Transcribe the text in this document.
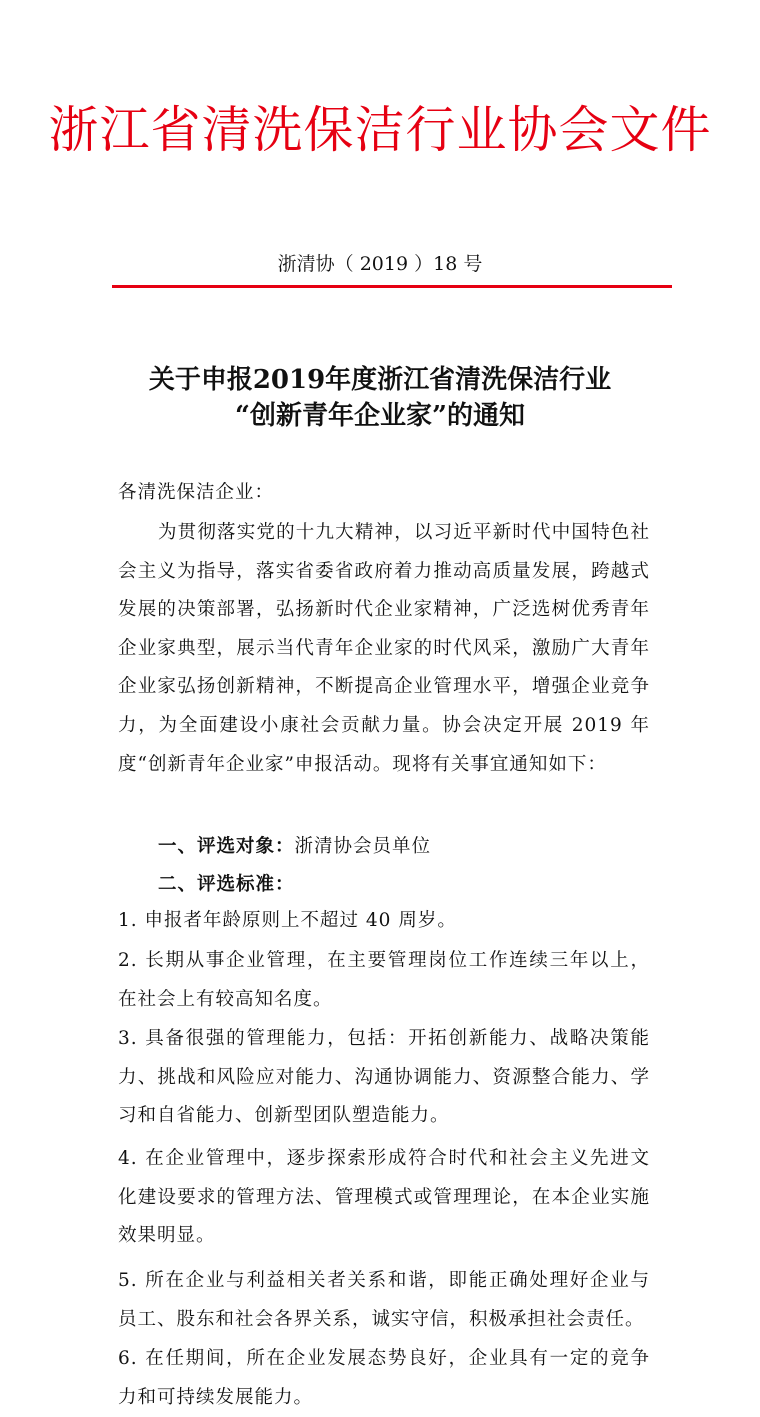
浙江省清洗保洁行业协会文件
浙清协（ 2019 ）18 号
关于申报2019年度浙江省清洗保洁行业
“创新青年企业家”的通知
各清洗保洁企业：
为贯彻落实党的十九大精神，以习近平新时代中国特色社会主义为指导，落实省委省政府着力推动高质量发展，跨越式发展的决策部署，弘扬新时代企业家精神，广泛选树优秀青年企业家典型，展示当代青年企业家的时代风采，激励广大青年企业家弘扬创新精神，不断提高企业管理水平，增强企业竞争力，为全面建设小康社会贡献力量。协会决定开展 2019 年度“创新青年企业家”申报活动。现将有关事宜通知如下：
一、评选对象：浙清协会员单位
二、评选标准：
1. 申报者年龄原则上不超过 40 周岁。
2. 长期从事企业管理，在主要管理岗位工作连续三年以上，在社会上有较高知名度。
3. 具备很强的管理能力，包括：开拓创新能力、战略决策能力、挑战和风险应对能力、沟通协调能力、资源整合能力、学习和自省能力、创新型团队塑造能力。
4. 在企业管理中，逐步探索形成符合时代和社会主义先进文化建设要求的管理方法、管理模式或管理理论，在本企业实施效果明显。
5. 所在企业与利益相关者关系和谐，即能正确处理好企业与员工、股东和社会各界关系，诚实守信，积极承担社会责任。
6. 在任期间，所在企业发展态势良好，企业具有一定的竞争力和可持续发展能力。
